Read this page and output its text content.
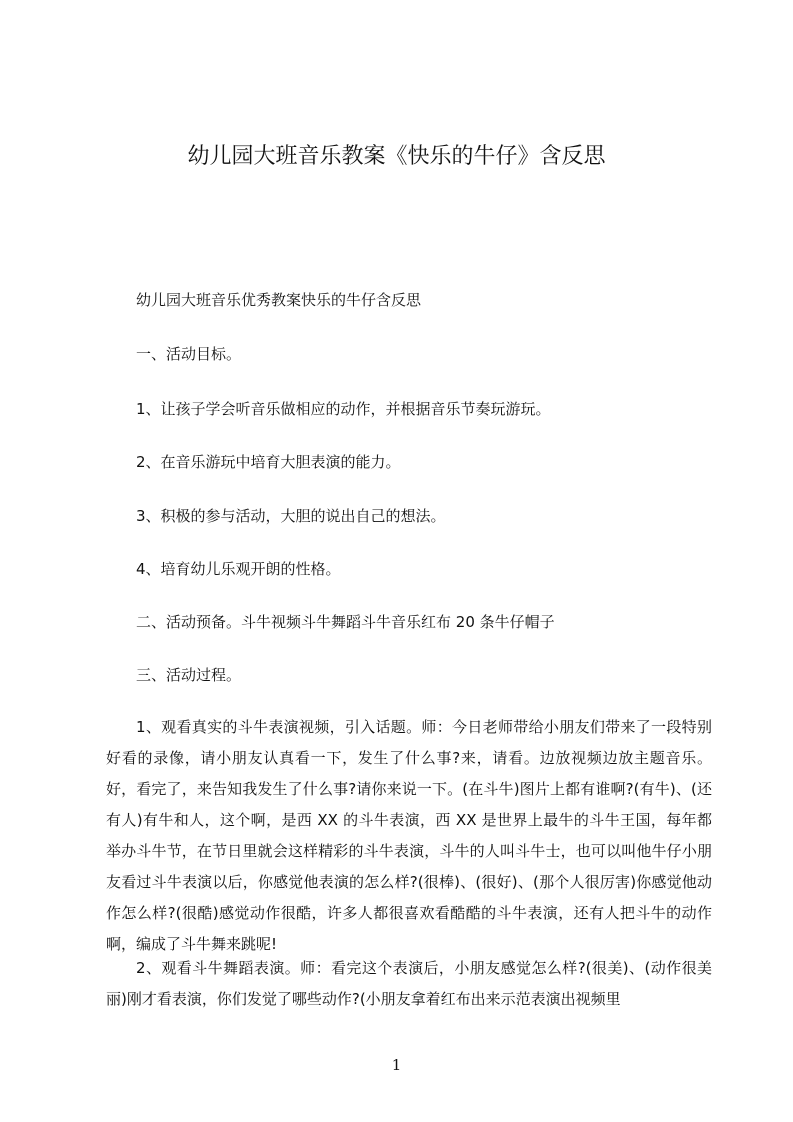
幼儿园大班音乐教案《快乐的牛仔》含反思

幼儿园大班音乐优秀教案快乐的牛仔含反思

一、活动目标。

1、让孩子学会听音乐做相应的动作，并根据音乐节奏玩游玩。

2、在音乐游玩中培育大胆表演的能力。

3、积极的参与活动，大胆的说出自己的想法。

4、培育幼儿乐观开朗的性格。

二、活动预备。斗牛视频斗牛舞蹈斗牛音乐红布 20 条牛仔帽子

三、活动过程。

1、观看真实的斗牛表演视频，引入话题。师：今日老师带给小朋友们带来了一段特别好看的录像，请小朋友认真看一下，发生了什么事?来，请看。边放视频边放主题音乐。好，看完了，来告知我发生了什么事?请你来说一下。(在斗牛)图片上都有谁啊?(有牛)、(还有人)有牛和人，这个啊，是西 XX 的斗牛表演，西 XX 是世界上最牛的斗牛王国，每年都举办斗牛节，在节日里就会这样精彩的斗牛表演，斗牛的人叫斗牛士，也可以叫他牛仔小朋友看过斗牛表演以后，你感觉他表演的怎么样?(很棒)、(很好)、(那个人很厉害)你感觉他动作怎么样?(很酷)感觉动作很酷，许多人都很喜欢看酷酷的斗牛表演，还有人把斗牛的动作啊，编成了斗牛舞来跳呢!

2、观看斗牛舞蹈表演。师：看完这个表演后，小朋友感觉怎么样?(很美)、(动作很美丽)刚才看表演，你们发觉了哪些动作?(小朋友拿着红布出来示范表演出视频里

1
